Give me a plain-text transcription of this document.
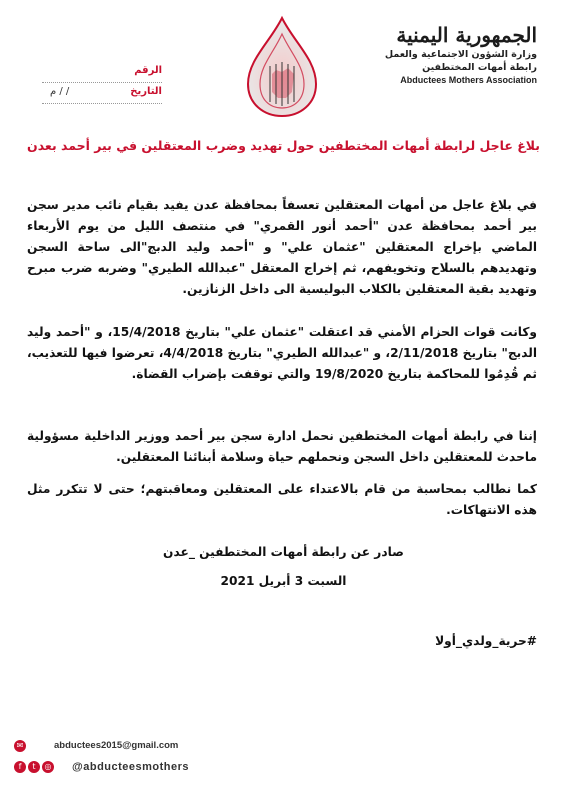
الجمهورية اليمنية
وزارة الشؤون الاجتماعية والعمل
رابطة أمهات المختطفين
Abductees Mothers Association
الرقم
التاريخ
/ / م
بلاغ عاجل لرابطة أمهات المختطفين حول تهديد وضرب المعتقلين في بير أحمد بعدن
في بلاغ عاجل من أمهات المعتقلين تعسفاً بمحافظة عدن يفيد بقيام نائب مدير سجن بير أحمد بمحافظة عدن "أحمد أنور القمري" في منتصف الليل من يوم الأربعاء الماضي بإخراج المعتقلين "عثمان علي" و "أحمد وليد الدبج"الى ساحة السجن وتهديدهم بالسلاح وتخويفهم، ثم إخراج المعتقل "عبدالله الطيري" وضربه ضرب مبرح وتهديد بقية المعتقلين بالكلاب البوليسية الى داخل الزنازين.
وكانت قوات الحزام الأمني قد اعتقلت "عثمان علي" بتاريخ 15/4/2018، و "أحمد وليد الدبج" بتاريخ 2/11/2018، و "عبدالله الطيري" بتاريخ 4/4/2018، تعرضوا فيها للتعذيب، ثم قُدِمُوا للمحاكمة بتاريخ 19/8/2020 والتي توقفت بإضراب القضاة.
إننا في رابطة أمهات المختطفين نحمل ادارة سجن بير أحمد ووزير الداخلية مسؤولية ماحدث للمعتقلين داخل السجن ونحملهم حياة وسلامة أبنائنا المعتقلين.
كما نطالب بمحاسبة من قام بالاعتداء على المعتقلين ومعاقبتهم؛ حتى لا تتكرر مثل هذه الانتهاكات.
صادر عن رابطة أمهات المختطفين _عدن
السبت 3 أبريل 2021
#حرية_ولدي_أولا
✉	abductees2015@gmail.com
f t ◎	@abducteesmothers
